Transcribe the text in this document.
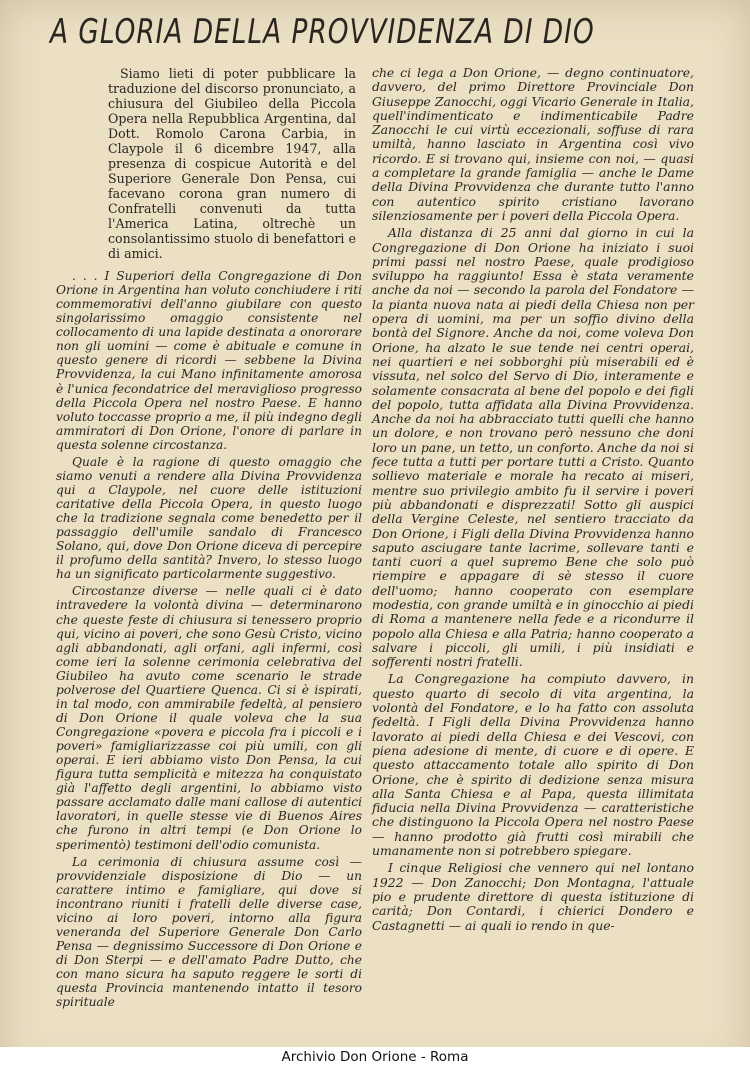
A GLORIA DELLA PROVVIDENZA DI DIO

Siamo lieti di poter pubblicare la traduzione del discorso pronunciato, a chiusura del Giubileo della Piccola Opera nella Repubblica Argentina, dal Dott. Romolo Carona Carbia, in Claypole il 6 dicembre 1947, alla presenza di cospicue Autorità e del Superiore Generale Don Pensa, cui facevano corona gran numero di Confratelli convenuti da tutta l'America Latina, oltrechè un consolantissimo stuolo di benefattori e di amici.

. . . I Superiori della Congregazione di Don Orione in Argentina han voluto conchiudere i riti commemorativi dell'anno giubilare con questo singolarissimo omaggio consistente nel collocamento di una lapide destinata a onororare non gli uomini — come è abituale e comune in questo genere di ricordi — sebbene la Divina Provvidenza, la cui Mano infinitamente amorosa è l'unica fecondatrice del meraviglioso progresso della Piccola Opera nel nostro Paese. E hanno voluto toccasse proprio a me, il più indegno degli ammiratori di Don Orione, l'onore di parlare in questa solenne circostanza.

Quale è la ragione di questo omaggio che siamo venuti a rendere alla Divina Provvidenza qui a Claypole, nel cuore delle istituzioni caritative della Piccola Opera, in questo luogo che la tradizione segnala come benedetto per il passaggio dell'umile sandalo di Francesco Solano, qui, dove Don Orione diceva di percepire il profumo della santità? Invero, lo stesso luogo ha un significato particolarmente suggestivo.

Circostanze diverse — nelle quali ci è dato intravedere la volontà divina — determinarono che queste feste di chiusura si tenessero proprio qui, vicino ai poveri, che sono Gesù Cristo, vicino agli abbandonati, agli orfani, agli infermi, così come ieri la solenne cerimonia celebrativa del Giubileo ha avuto come scenario le strade polverose del Quartiere Quenca. Ci si è ispirati, in tal modo, con ammirabile fedeltà, al pensiero di Don Orione il quale voleva che la sua Congregazione «povera e piccola fra i piccoli e i poveri» famigliarizzasse coi più umili, con gli operai. E ieri abbiamo visto Don Pensa, la cui figura tutta semplicità e mitezza ha conquistato già l'affetto degli argentini, lo abbiamo visto passare acclamato dalle mani callose di autentici lavoratori, in quelle stesse vie di Buenos Aires che furono in altri tempi (e Don Orione lo sperimentò) testimoni dell'odio comunista.

La cerimonia di chiusura assume così — provvidenziale disposizione di Dio — un carattere intimo e famigliare, qui dove si incontrano riuniti i fratelli delle diverse case, vicino ai loro poveri, intorno alla figura veneranda del Superiore Generale Don Carlo Pensa — degnissimo Successore di Don Orione e di Don Sterpi — e dell'amato Padre Dutto, che con mano sicura ha saputo reggere le sorti di questa Provincia mantenendo intatto il tesoro spirituale

che ci lega a Don Orione, — degno continuatore, davvero, del primo Direttore Provinciale Don Giuseppe Zanocchi, oggi Vicario Generale in Italia, quell'indimenticato e indimenticabile Padre Zanocchi le cui virtù eccezionali, soffuse di rara umiltà, hanno lasciato in Argentina così vivo ricordo. E si trovano qui, insieme con noi, — quasi a completare la grande famiglia — anche le Dame della Divina Provvidenza che durante tutto l'anno con autentico spirito cristiano lavorano silenziosamente per i poveri della Piccola Opera.

Alla distanza di 25 anni dal giorno in cui la Congregazione di Don Orione ha iniziato i suoi primi passi nel nostro Paese, quale prodigioso sviluppo ha raggiunto! Essa è stata veramente anche da noi — secondo la parola del Fondatore — la pianta nuova nata ai piedi della Chiesa non per opera di uomini, ma per un soffio divino della bontà del Signore. Anche da noi, come voleva Don Orione, ha alzato le sue tende nei centri operai, nei quartieri e nei sobborghi più miserabili ed è vissuta, nel solco del Servo di Dio, interamente e solamente consacrata al bene del popolo e dei figli del popolo, tutta affidata alla Divina Provvidenza. Anche da noi ha abbracciato tutti quelli che hanno un dolore, e non trovano però nessuno che doni loro un pane, un tetto, un conforto. Anche da noi si fece tutta a tutti per portare tutti a Cristo. Quanto sollievo materiale e morale ha recato ai miseri, mentre suo privilegio ambito fu il servire i poveri più abbandonati e disprezzati! Sotto gli auspici della Vergine Celeste, nel sentiero tracciato da Don Orione, i Figli della Divina Provvidenza hanno saputo asciugare tante lacrime, sollevare tanti e tanti cuori a quel supremo Bene che solo può riempire e appagare di sè stesso il cuore dell'uomo; hanno cooperato con esemplare modestia, con grande umiltà e in ginocchio ai piedi di Roma a mantenere nella fede e a ricondurre il popolo alla Chiesa e alla Patria; hanno cooperato a salvare i piccoli, gli umili, i più insidiati e sofferenti nostri fratelli.

La Congregazione ha compiuto davvero, in questo quarto di secolo di vita argentina, la volontà del Fondatore, e lo ha fatto con assoluta fedeltà. I Figli della Divina Provvidenza hanno lavorato ai piedi della Chiesa e dei Vescovi, con piena adesione di mente, di cuore e di opere. E questo attaccamento totale allo spirito di Don Orione, che è spirito di dedizione senza misura alla Santa Chiesa e al Papa, questa illimitata fiducia nella Divina Provvidenza — caratteristiche che distinguono la Piccola Opera nel nostro Paese — hanno prodotto già frutti così mirabili che umanamente non si potrebbero spiegare.

I cinque Religiosi che vennero qui nel lontano 1922 — Don Zanocchi; Don Montagna, l'attuale pio e prudente direttore di questa istituzione di carità; Don Contardi, i chierici Dondero e Castagnetti — ai quali io rendo in que-

Archivio Don Orione - Roma
